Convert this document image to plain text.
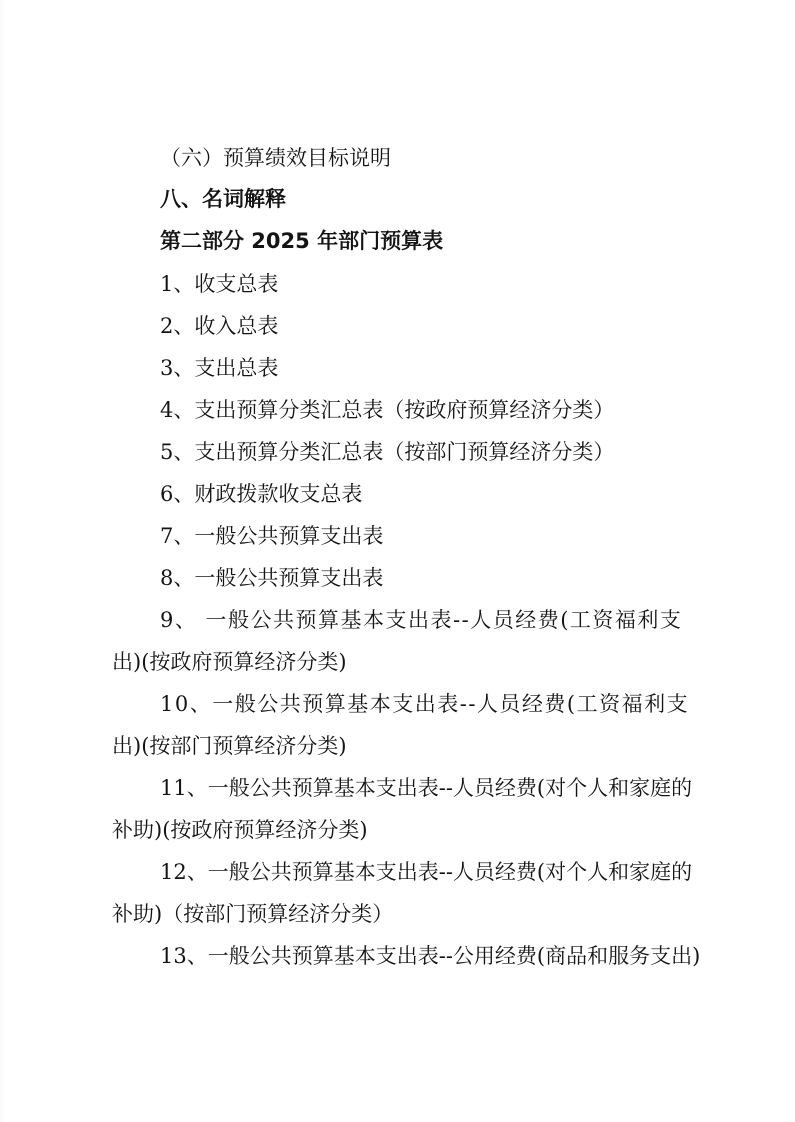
（六）预算绩效目标说明
八、名词解释
第二部分 2025 年部门预算表
1、收支总表
2、收入总表
3、支出总表
4、支出预算分类汇总表（按政府预算经济分类）
5、支出预算分类汇总表（按部门预算经济分类）
6、财政拨款收支总表
7、一般公共预算支出表
8、一般公共预算支出表
9、 一般公共预算基本支出表--人员经费(工资福利支
出)(按政府预算经济分类)
10、一般公共预算基本支出表--人员经费(工资福利支
出)(按部门预算经济分类)
11、一般公共预算基本支出表--人员经费(对个人和家庭的
补助)(按政府预算经济分类)
12、一般公共预算基本支出表--人员经费(对个人和家庭的
补助)（按部门预算经济分类）
13、一般公共预算基本支出表--公用经费(商品和服务支出)
